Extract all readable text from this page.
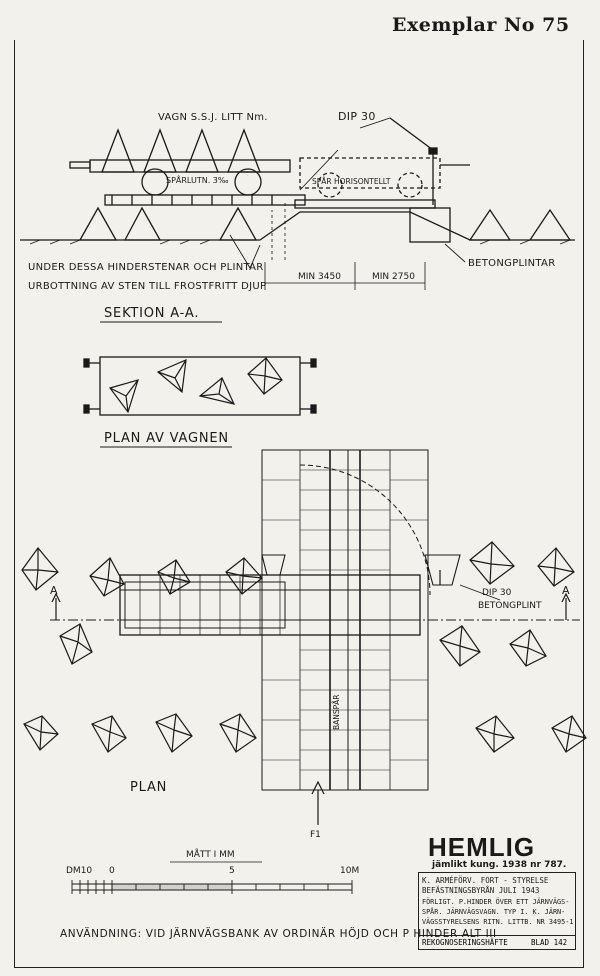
Exemplar No 75
VAGN S.S.J. LITT Nm.	DIP 30
SPÅRLUTN. 3‰	SPÅR HORISONTELLT
UNDER DESSA HINDERSTENAR OCH PLINTAR
URBOTTNING AV STEN TILL FROSTFRITT DJUP
BETONGPLINTAR
MIN 3450	MIN 2750
SEKTION A-A.
PLAN AV VAGNEN
A	A
DIP 30
BETONGPLINT
BANSPÅR
PLAN
F1
MÅTT I MM
DM10 0	5	10M
HEMLIG
jämlikt kung. 1938 nr 787.
K. ARMÉFÖRV. FORT - STYRELSE
BEFÄSTNINGSBYRÅN JULI 1943
FÖRLIGT. P.HINDER ÖVER ETT JÄRNVÄGS-
SPÅR. JÄRNVÄGSVAGN. TYP I. K. JÄRN-
VÄGSSTYRELSENS RITN. LITTB. NR 3495-1
REKOGNOSERINGSHÄFTE	BLAD 142
ANVÄNDNING: VID JÄRNVÄGSBANK AV ORDINÄR HÖJD OCH P HINDER ALT III
